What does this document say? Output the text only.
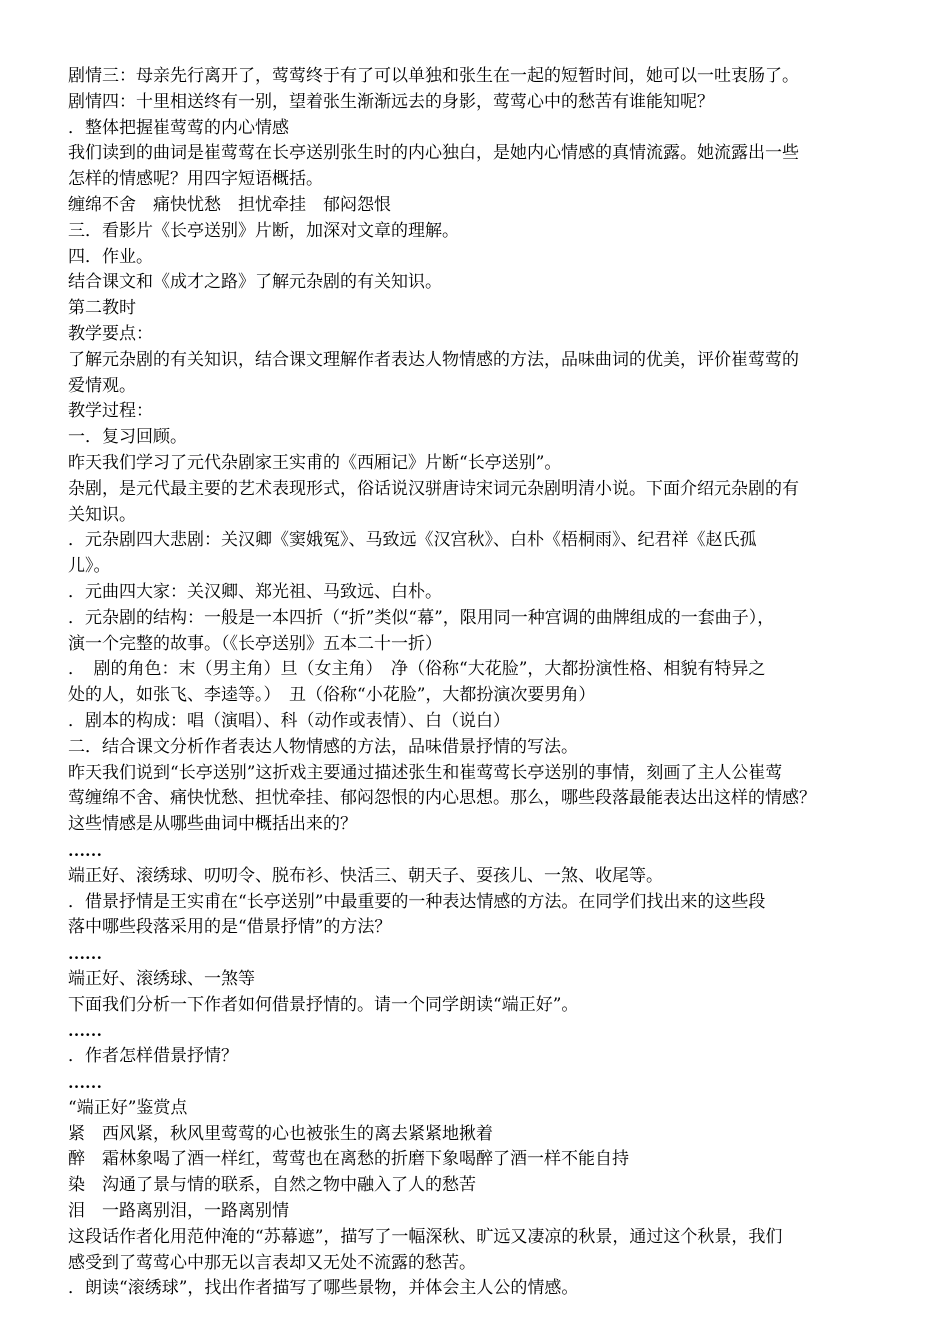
剧情三：母亲先行离开了，莺莺终于有了可以单独和张生在一起的短暂时间，她可以一吐衷肠了。
剧情四：十里相送终有一别，望着张生渐渐远去的身影，莺莺心中的愁苦有谁能知呢？
．整体把握崔莺莺的内心情感
我们读到的曲词是崔莺莺在长亭送别张生时的内心独白，是她内心情感的真情流露。她流露出一些
怎样的情感呢？用四字短语概括。
缠绵不舍　痛快忧愁　担忧牵挂　郁闷怨恨
三．看影片《长亭送别》片断，加深对文章的理解。
四．作业。
结合课文和《成才之路》了解元杂剧的有关知识。
第二教时
教学要点：
了解元杂剧的有关知识，结合课文理解作者表达人物情感的方法，品味曲词的优美，评价崔莺莺的
爱情观。
教学过程：
一．复习回顾。
昨天我们学习了元代杂剧家王实甫的《西厢记》片断“长亭送别”。
杂剧，是元代最主要的艺术表现形式，俗话说汉骈唐诗宋词元杂剧明清小说。下面介绍元杂剧的有
关知识。
．元杂剧四大悲剧：关汉卿《窦娥冤》、马致远《汉宫秋》、白朴《梧桐雨》、纪君祥《赵氏孤
儿》。
．元曲四大家：关汉卿、郑光祖、马致远、白朴。
．元杂剧的结构：一般是一本四折（“折”类似“幕”，限用同一种宫调的曲牌组成的一套曲子），
演一个完整的故事。（《长亭送别》五本二十一折）
．　剧的角色：末（男主角）旦（女主角）　净（俗称“大花脸”，大都扮演性格、相貌有特异之
处的人，如张飞、李逵等。）　丑（俗称“小花脸”，大都扮演次要男角）
．剧本的构成：唱（演唱）、科（动作或表情）、白（说白）
二．结合课文分析作者表达人物情感的方法，品味借景抒情的写法。
昨天我们说到“长亭送别”这折戏主要通过描述张生和崔莺莺长亭送别的事情，刻画了主人公崔莺
莺缠绵不舍、痛快忧愁、担忧牵挂、郁闷怨恨的内心思想。那么，哪些段落最能表达出这样的情感？
这些情感是从哪些曲词中概括出来的？
……
端正好、滚绣球、叨叨令、脱布衫、快活三、朝天子、耍孩儿、一煞、收尾等。
．借景抒情是王实甫在“长亭送别”中最重要的一种表达情感的方法。在同学们找出来的这些段
落中哪些段落采用的是“借景抒情”的方法？
……
端正好、滚绣球、一煞等
下面我们分析一下作者如何借景抒情的。请一个同学朗读“端正好”。
……
．作者怎样借景抒情？
……
“端正好”鉴赏点
紧　西风紧，秋风里莺莺的心也被张生的离去紧紧地揪着
醉　霜林象喝了酒一样红，莺莺也在离愁的折磨下象喝醉了酒一样不能自持
染　沟通了景与情的联系，自然之物中融入了人的愁苦
泪　一路离别泪，一路离别情
这段话作者化用范仲淹的“苏幕遮”，描写了一幅深秋、旷远又凄凉的秋景，通过这个秋景，我们
感受到了莺莺心中那无以言表却又无处不流露的愁苦。
．朗读“滚绣球”，找出作者描写了哪些景物，并体会主人公的情感。
